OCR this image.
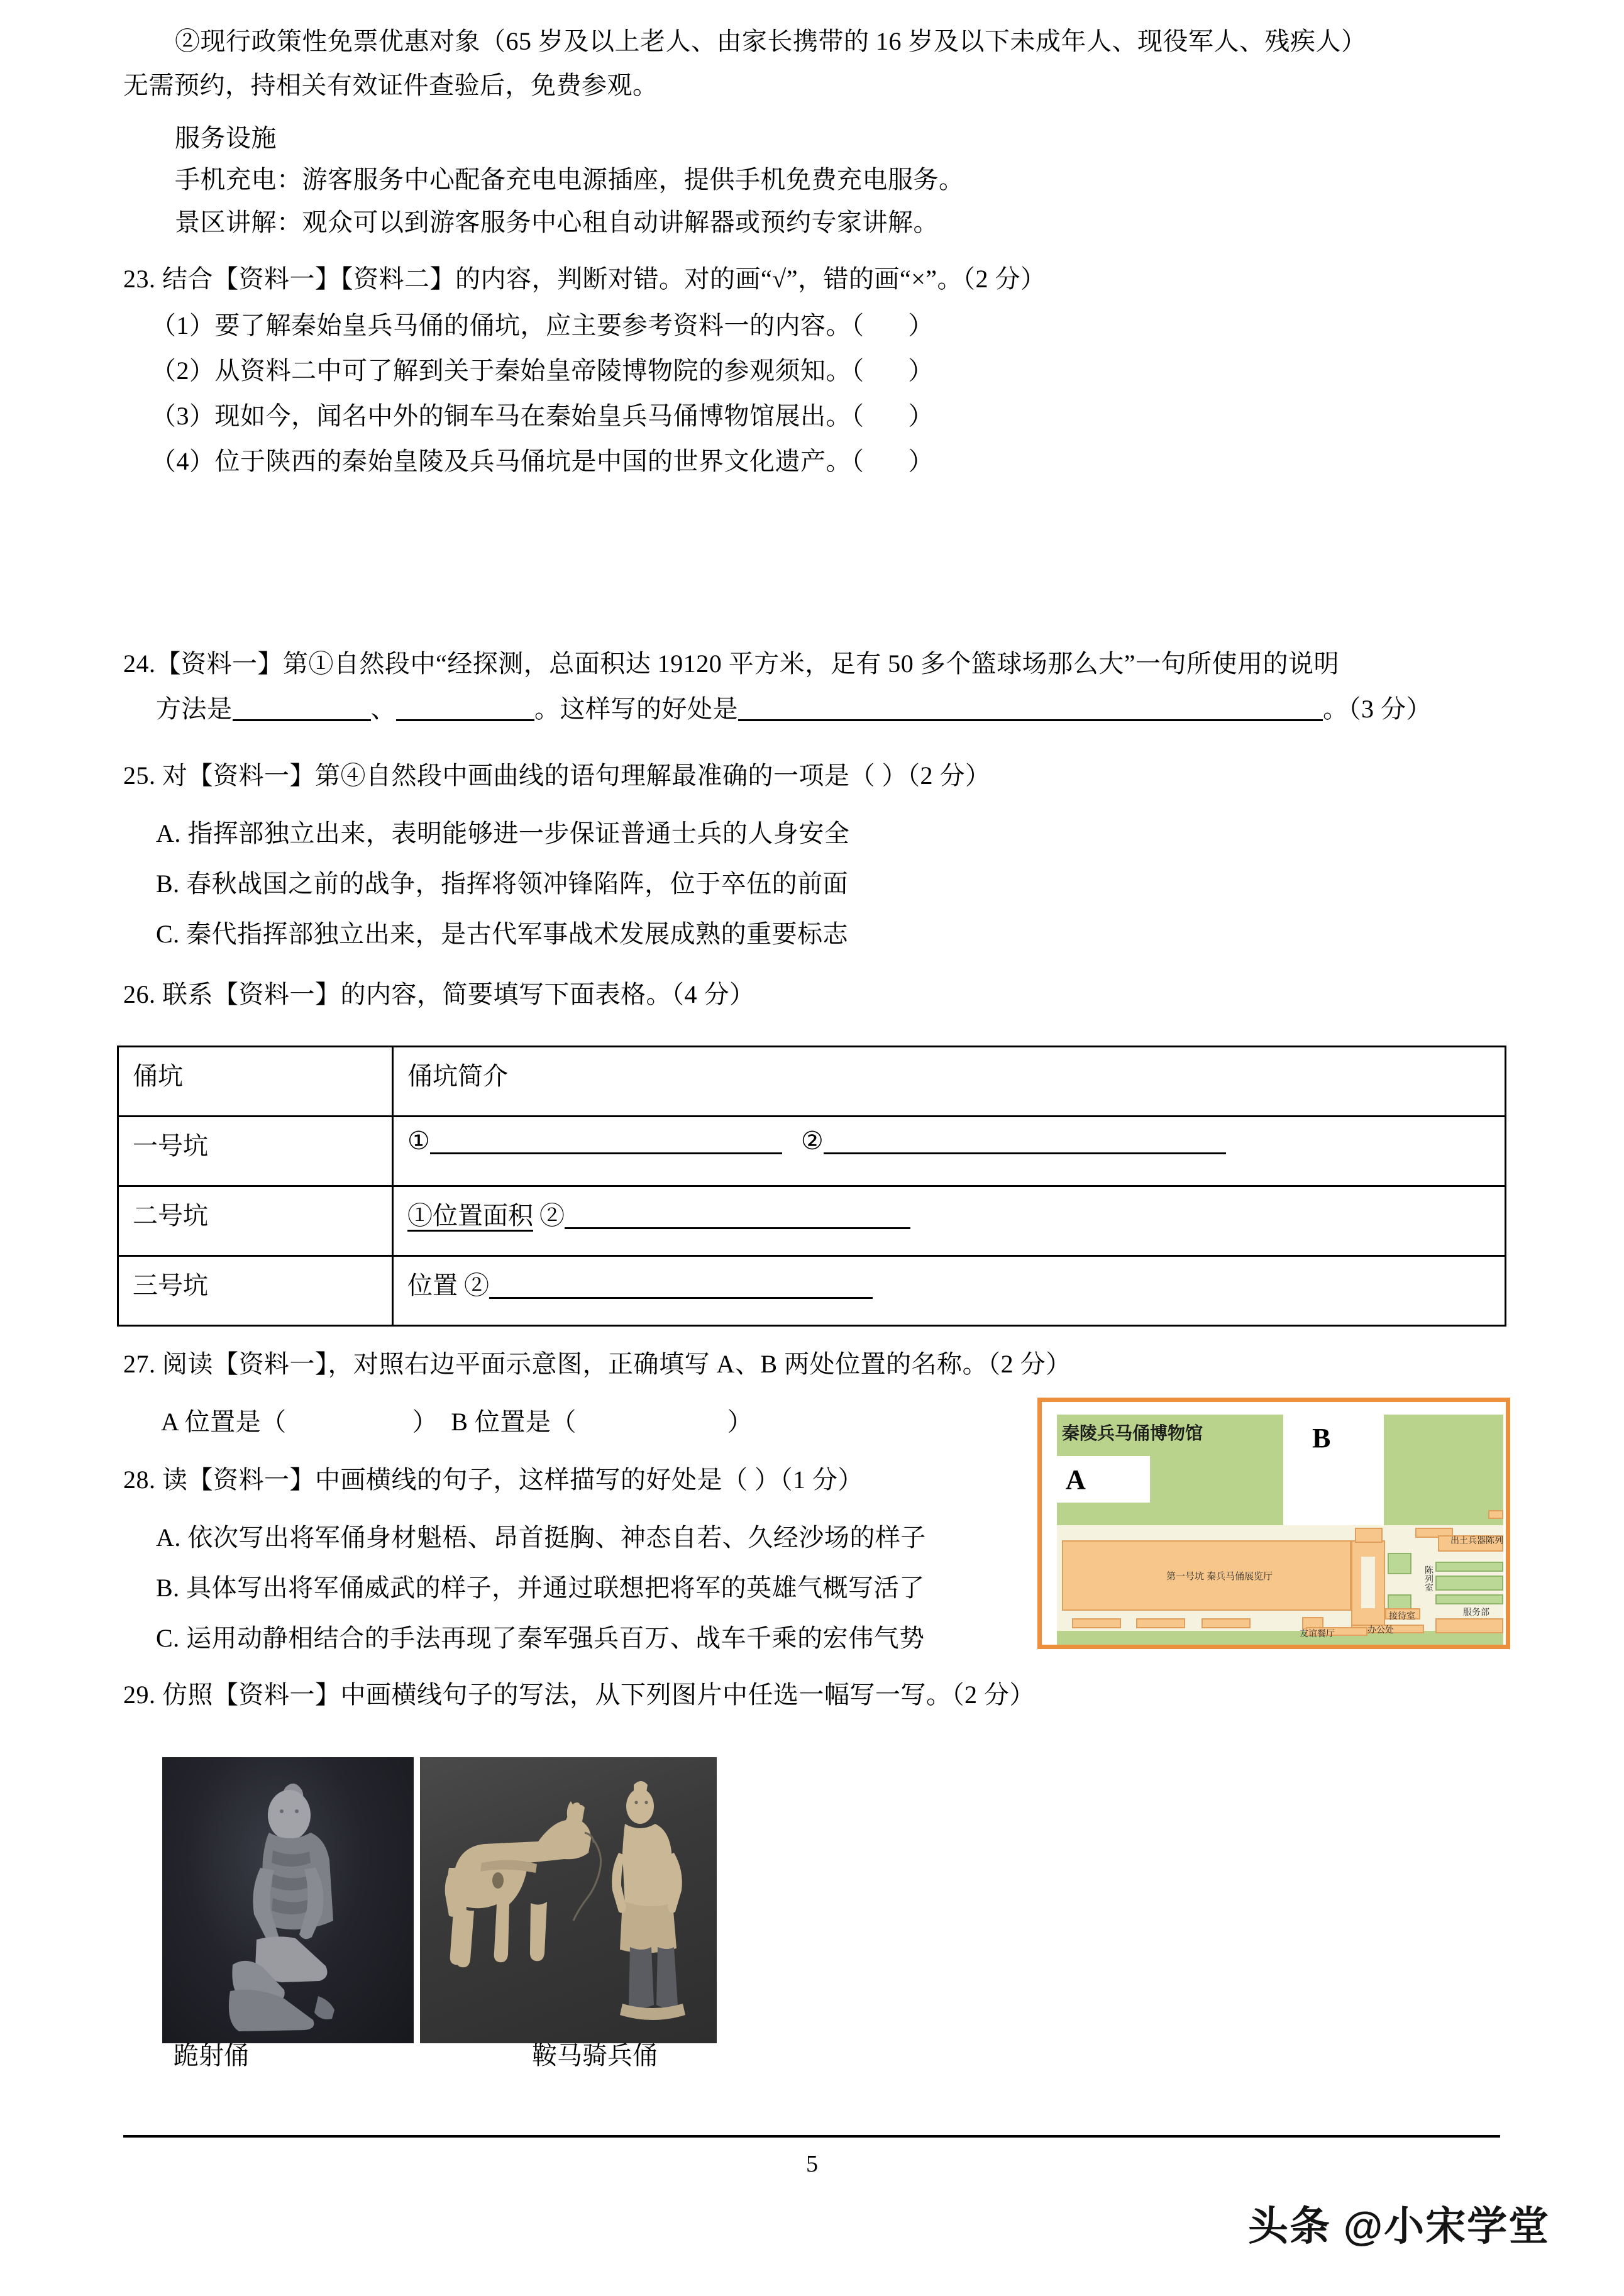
②现行政策性免票优惠对象（65 岁及以上老人、由家长携带的 16 岁及以下未成年人、现役军人、残疾人）
无需预约，持相关有效证件查验后，免费参观。
服务设施
手机充电：游客服务中心配备充电电源插座，提供手机免费充电服务。
景区讲解：观众可以到游客服务中心租自动讲解器或预约专家讲解。
23. 结合【资料一】【资料二】的内容，判断对错。对的画“√”，错的画“×”。（2 分）
（1）要了解秦始皇兵马俑的俑坑，应主要参考资料一的内容。（ ）
（2）从资料二中可了解到关于秦始皇帝陵博物院的参观须知。（ ）
（3）现如今，闻名中外的铜车马在秦始皇兵马俑博物馆展出。（ ）
（4）位于陕西的秦始皇陵及兵马俑坑是中国的世界文化遗产。（ ）
24.【资料一】第①自然段中“经探测，总面积达 19120 平方米，足有 50 多个篮球场那么大”一句所使用的说明
方法是	、	。这样写的好处是	。（3 分）
25. 对【资料一】第④自然段中画曲线的语句理解最准确的一项是（ ）（2 分）
A. 指挥部独立出来，表明能够进一步保证普通士兵的人身安全
B. 春秋战国之前的战争，指挥将领冲锋陷阵，位于卒伍的前面
C. 秦代指挥部独立出来，是古代军事战术发展成熟的重要标志
26. 联系【资料一】的内容，简要填写下面表格。（4 分）
俑坑	俑坑简介
一号坑	① ②
二号坑	①位置面积 ②
三号坑	位置 ②
27. 阅读【资料一】，对照右边平面示意图，正确填写 A、B 两处位置的名称。（2 分）
A 位置是（	） B 位置是（	）
28. 读【资料一】中画横线的句子，这样描写的好处是（ ）（1 分）
A. 依次写出将军俑身材魁梧、昂首挺胸、神态自若、久经沙场的样子
B. 具体写出将军俑威武的样子，并通过联想把将军的英雄气概写活了
C. 运用动静相结合的手法再现了秦军强兵百万、战车千乘的宏伟气势
29. 仿照【资料一】中画横线句子的写法，从下列图片中任选一幅写一写。（2 分）
A
B
秦陵兵马俑博物馆
第一号坑 秦兵马俑展览厅
出土兵器陈列
陈列室
服务部
接待室
办公处
友谊餐厅
跪射俑	鞍马骑兵俑
5
头条 @小宋学堂
